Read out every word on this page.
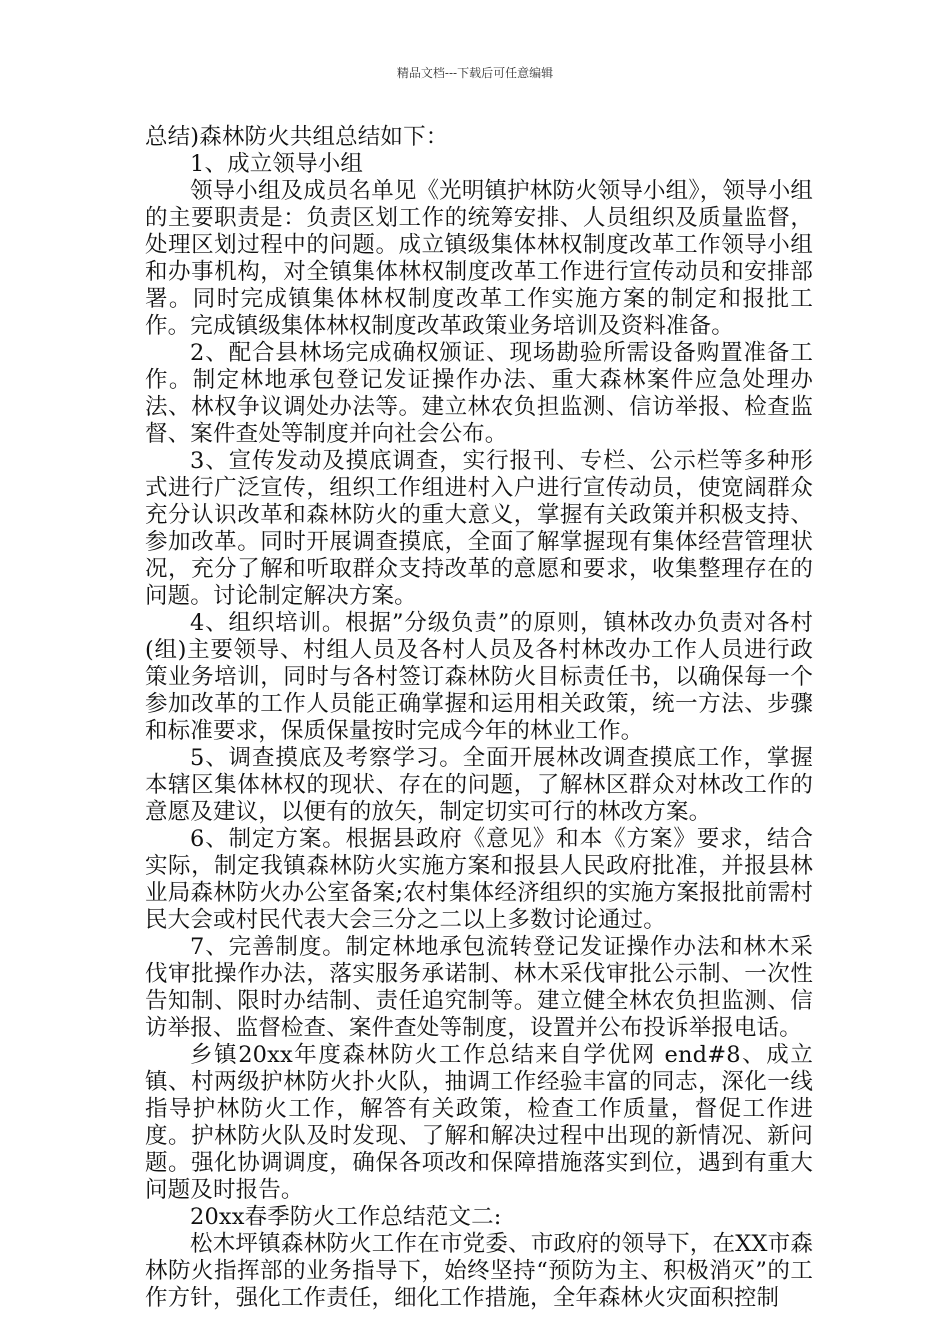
精品文档---下载后可任意编辑

总结)森林防火共组总结如下：

1、成立领导小组

领导小组及成员名单见《光明镇护林防火领导小组》，领导小组的主要职责是：负责区划工作的统筹安排、人员组织及质量监督，处理区划过程中的问题。成立镇级集体林权制度改革工作领导小组和办事机构，对全镇集体林权制度改革工作进行宣传动员和安排部署。同时完成镇集体林权制度改革工作实施方案的制定和报批工作。完成镇级集体林权制度改革政策业务培训及资料准备。

2、配合县林场完成确权颁证、现场勘验所需设备购置准备工作。制定林地承包登记发证操作办法、重大森林案件应急处理办法、林权争议调处办法等。建立林农负担监测、信访举报、检查监督、案件查处等制度并向社会公布。

3、宣传发动及摸底调查，实行报刊、专栏、公示栏等多种形式进行广泛宣传，组织工作组进村入户进行宣传动员，使宽阔群众充分认识改革和森林防火的重大意义，掌握有关政策并积极支持、参加改革。同时开展调查摸底，全面了解掌握现有集体经营管理状况，充分了解和听取群众支持改革的意愿和要求，收集整理存在的问题。讨论制定解决方案。

4、组织培训。根据”分级负责”的原则，镇林改办负责对各村(组)主要领导、村组人员及各村人员及各村林改办工作人员进行政策业务培训，同时与各村签订森林防火目标责任书，以确保每一个参加改革的工作人员能正确掌握和运用相关政策，统一方法、步骤和标准要求，保质保量按时完成今年的林业工作。

5、调查摸底及考察学习。全面开展林改调查摸底工作，掌握本辖区集体林权的现状、存在的问题，了解林区群众对林改工作的意愿及建议，以便有的放矢，制定切实可行的林改方案。

6、制定方案。根据县政府《意见》和本《方案》要求，结合实际，制定我镇森林防火实施方案和报县人民政府批准，并报县林业局森林防火办公室备案;农村集体经济组织的实施方案报批前需村民大会或村民代表大会三分之二以上多数讨论通过。

7、完善制度。制定林地承包流转登记发证操作办法和林木采伐审批操作办法，落实服务承诺制、林木采伐审批公示制、一次性告知制、限时办结制、责任追究制等。建立健全林农负担监测、信访举报、监督检查、案件查处等制度，设置并公布投诉举报电话。

乡镇20xx年度森林防火工作总结来自学优网 end#8、成立镇、村两级护林防火扑火队，抽调工作经验丰富的同志，深化一线指导护林防火工作，解答有关政策，检查工作质量，督促工作进度。护林防火队及时发现、了解和解决过程中出现的新情况、新问题。强化协调调度，确保各项改和保障措施落实到位，遇到有重大问题及时报告。

20xx春季防火工作总结范文二:

松木坪镇森林防火工作在市党委、市政府的领导下，在XX市森林防火指挥部的业务指导下，始终坚持“预防为主、积极消灭”的工作方针，强化工作责任，细化工作措施，全年森林火灾面积控制
